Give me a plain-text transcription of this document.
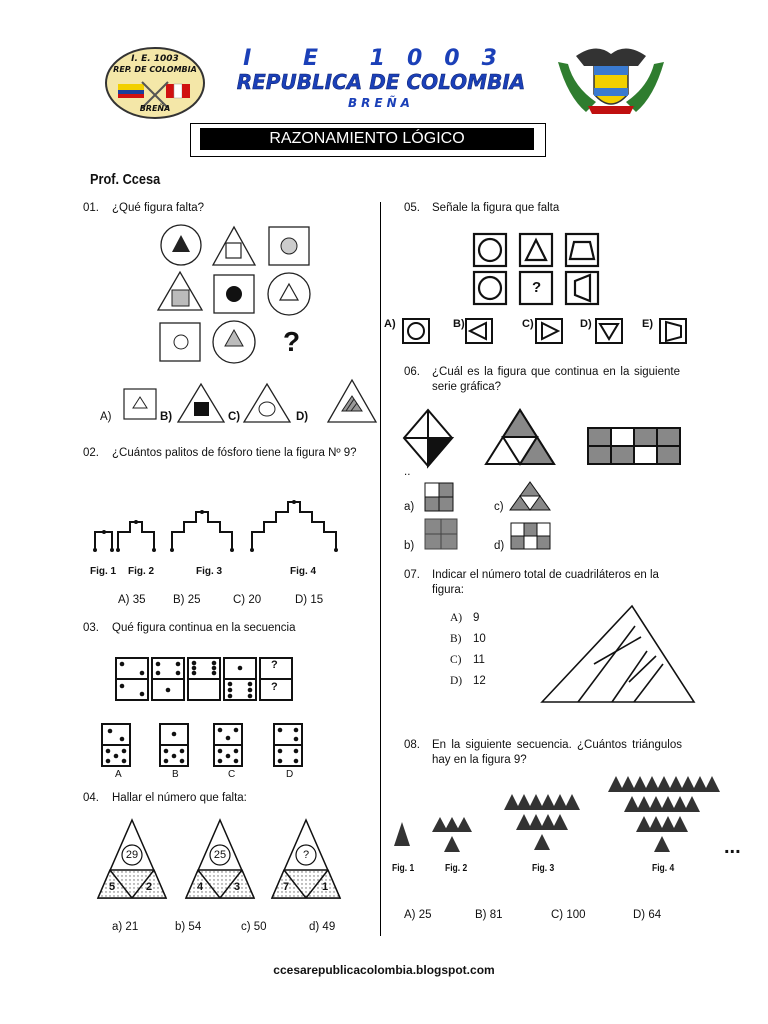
I. E. 1003
REP. DE COLOMBIA
BREÑA
I E 1003
REPUBLICA DE COLOMBIA
BREÑA
RAZONAMIENTO LÓGICO
Prof. Ccesa
01. ¿Qué figura falta?
?
A)	B)	C)	D)
02. ¿Cuántos palitos de fósforo tiene la figura Nº 9?
Fig. 1 Fig. 2	Fig. 3	Fig. 4
A) 35 B) 25	C) 20	D) 15
03. Qué figura continua en la secuencia
?
?
A	B	C	D
04. Hallar el número que falta:
29
5	2
25
4	3
?
7	1
a) 21	b) 54	c) 50	d) 49
05. Señale la figura que falta
?
A)	B)	C)	D)	E)
06. ¿Cuál es la figura que continua en la siguiente serie gráfica?
..
a)	c)
b)	d)
07. Indicar el número total de cuadriláteros en la figura:
A) 9
B) 10
C) 11
D) 12
08. En la siguiente secuencia. ¿Cuántos triángulos hay en la figura 9?
...
Fig. 1	Fig. 2	Fig. 3	Fig. 4
A) 25	B) 81	C) 100	D) 64
ccesarepublicacolombia.blogspot.com
